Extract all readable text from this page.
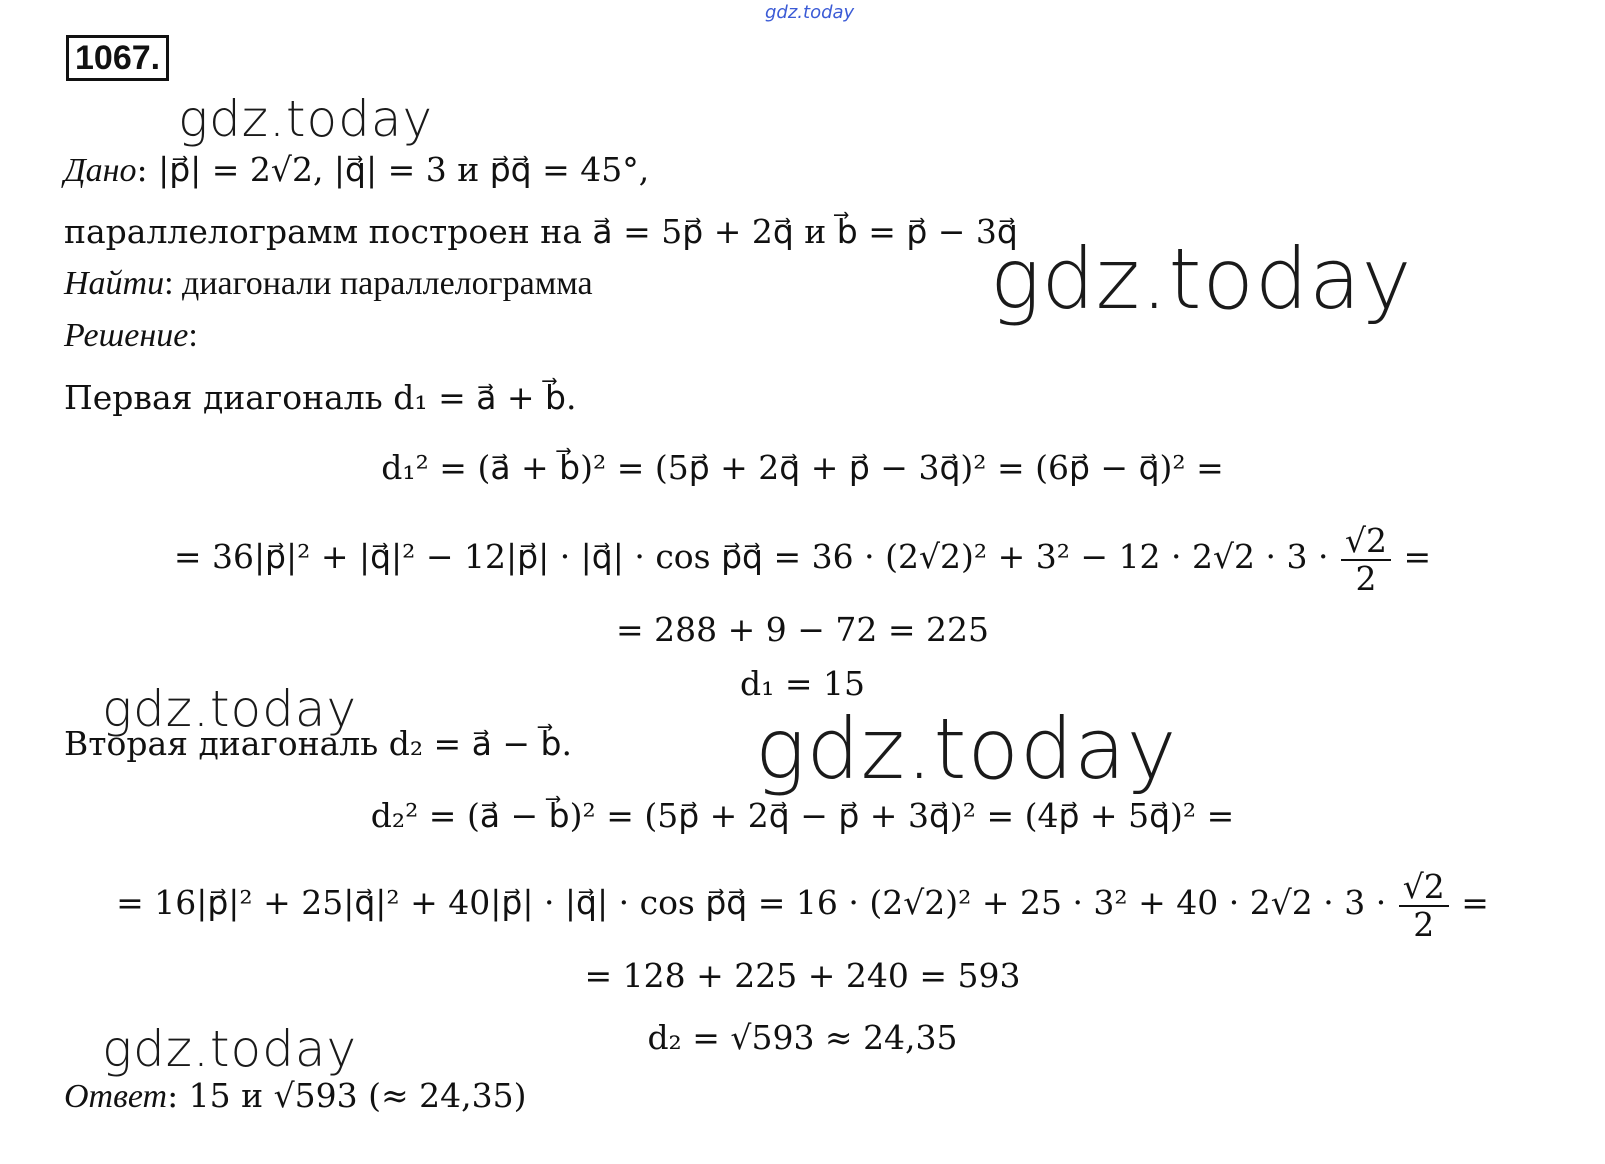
gdz.today
gdz.today
gdz.today
gdz.today	gdz.today
gdz.today
1067.
Дано: |p⃗| = 2√2, |q⃗| = 3 и p⃗q⃗ = 45°,
параллелограмм построен на a⃗ = 5p⃗ + 2q⃗ и b⃗ = p⃗ − 3q⃗
Найти: диагонали параллелограмма
Решение:
Первая диагональ d₁ = a⃗ + b⃗.
d₁² = (a⃗ + b⃗)² = (5p⃗ + 2q⃗ + p⃗ − 3q⃗)² = (6p⃗ − q⃗)² =
= 36|p⃗|² + |q⃗|² − 12|p⃗| · |q⃗| · cos p⃗q⃗ = $36 \cdot (2√2)^2 + 3^2 - 12 \cdot 2√2 \cdot 3 \cdot \frac{√2}{2}$ =
= 288 + 9 − 72 = 225
d₁ = 15
Вторая диагональ d₂ = a⃗ − b⃗.
d₂² = (a⃗ − b⃗)² = (5p⃗ + 2q⃗ − p⃗ + 3q⃗)² = (4p⃗ + 5q⃗)² =
= 16|p⃗|² + 25|q⃗|² + 40|p⃗| · |q⃗| · cos p⃗q⃗ = $16 \cdot (2√2)^2 + 25 \cdot 3^2 + 40 \cdot 2√2 \cdot 3 \cdot \frac{√2}{2}$ =
= 128 + 225 + 240 = 593
d₂ = √593 ≈ 24,35
Ответ: 15 и √593 (≈ 24,35)
